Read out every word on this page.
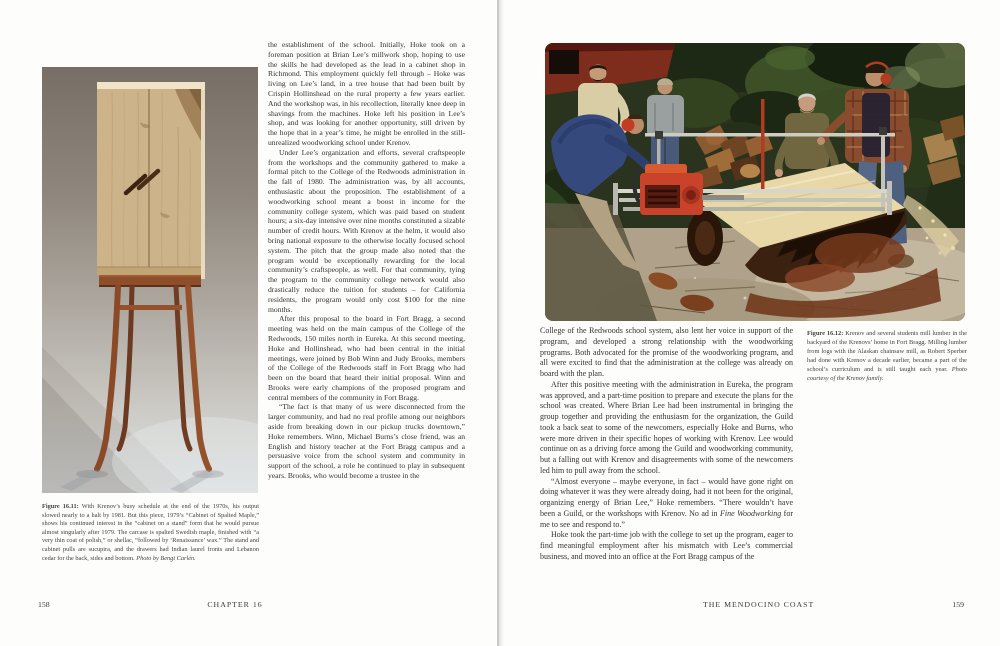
Figure 16.11: With Krenov’s busy schedule at the end of the 1970s, his output slowed nearly to a halt by 1981. But this piece, 1979’s “Cabinet of Spalted Maple,” shows his continued interest in the “cabinet on a stand” form that he would pursue almost singularly after 1979. The carcase is spalted Swedish maple, finished with “a very thin coat of polish,” or shellac, “followed by ‘Renaissance’ wax.” The stand and cabinet pulls are sucupira, and the drawers had Indian laurel fronts and Lebanon cedar for the back, sides and bottom. Photo by Bengt Carlén.

the establishment of the school. Initially, Hoke took on a foreman position at Brian Lee’s millwork shop, hoping to use the skills he had developed as the lead in a cabinet shop in Richmond. This employment quickly fell through – Hoke was living on Lee’s land, in a tree house that had been built by Crispin Hollinshead on the rural property a few years earlier. And the workshop was, in his recollection, literally knee deep in shavings from the machines. Hoke left his position in Lee’s shop, and was looking for another opportunity, still driven by the hope that in a year’s time, he might be enrolled in the still-unrealized woodworking school under Krenov.

Under Lee’s organization and efforts, several craftspeople from the workshops and the community gathered to make a formal pitch to the College of the Redwoods administration in the fall of 1980. The administration was, by all accounts, enthusiastic about the proposition. The establishment of a woodworking school meant a boost in income for the community college system, which was paid based on student hours; a six-day intensive over nine months constituted a sizable number of credit hours. With Krenov at the helm, it would also bring national exposure to the otherwise locally focused school system. The pitch that the group made also noted that the program would be exceptionally rewarding for the local community’s craftspeople, as well. For that community, tying the program to the community college network would also drastically reduce the tuition for students – for California residents, the program would only cost $100 for the nine months.

After this proposal to the board in Fort Bragg, a second meeting was held on the main campus of the College of the Redwoods, 150 miles north in Eureka. At this second meeting, Hoke and Hollinshead, who had been central in the initial meetings, were joined by Bob Winn and Judy Brooks, members of the College of the Redwoods staff in Fort Bragg who had been on the board that heard their initial proposal. Winn and Brooks were early champions of the proposed program and central members of the community in Fort Bragg.

“The fact is that many of us were disconnected from the larger community, and had no real profile among our neighbors aside from breaking down in our pickup trucks downtown,” Hoke remembers. Winn, Michael Burns’s close friend, was an English and history teacher at the Fort Bragg campus and a persuasive voice from the school system and community in support of the school, a role he continued to play in subsequent years. Brooks, who would become a trustee in the

158	CHAPTER 16

College of the Redwoods school system, also lent her voice in support of the program, and developed a strong relationship with the woodworking programs. Both advocated for the promise of the woodworking program, and all were excited to find that the administration at the college was already on board with the plan.

After this positive meeting with the administration in Eureka, the program was approved, and a part-time position to prepare and execute the plans for the school was created. Where Brian Lee had been instrumental in bringing the group together and providing the enthusiasm for the organization, the Guild took a back seat to some of the newcomers, especially Hoke and Burns, who were more driven in their specific hopes of working with Krenov. Lee would continue on as a driving force among the Guild and woodworking community, but a falling out with Krenov and disagreements with some of the newcomers led him to pull away from the school.

“Almost everyone – maybe everyone, in fact – would have gone right on doing whatever it was they were already doing, had it not been for the original, organizing energy of Brian Lee,” Hoke remembers. “There wouldn’t have been a Guild, or the workshops with Krenov. No ad in Fine Woodworking for me to see and respond to.”

Hoke took the part-time job with the college to set up the program, eager to find meaningful employment after his mismatch with Lee’s commercial business, and moved into an office at the Fort Bragg campus of the

Figure 16.12: Krenov and several students mill lumber in the backyard of the Krenovs’ home in Fort Bragg. Milling lumber from logs with the Alaskan chainsaw mill, as Robert Sperber had done with Krenov a decade earlier, became a part of the school’s curriculum and is still taught each year. Photo courtesy of the Krenov family.

THE MENDOCINO COAST	159
